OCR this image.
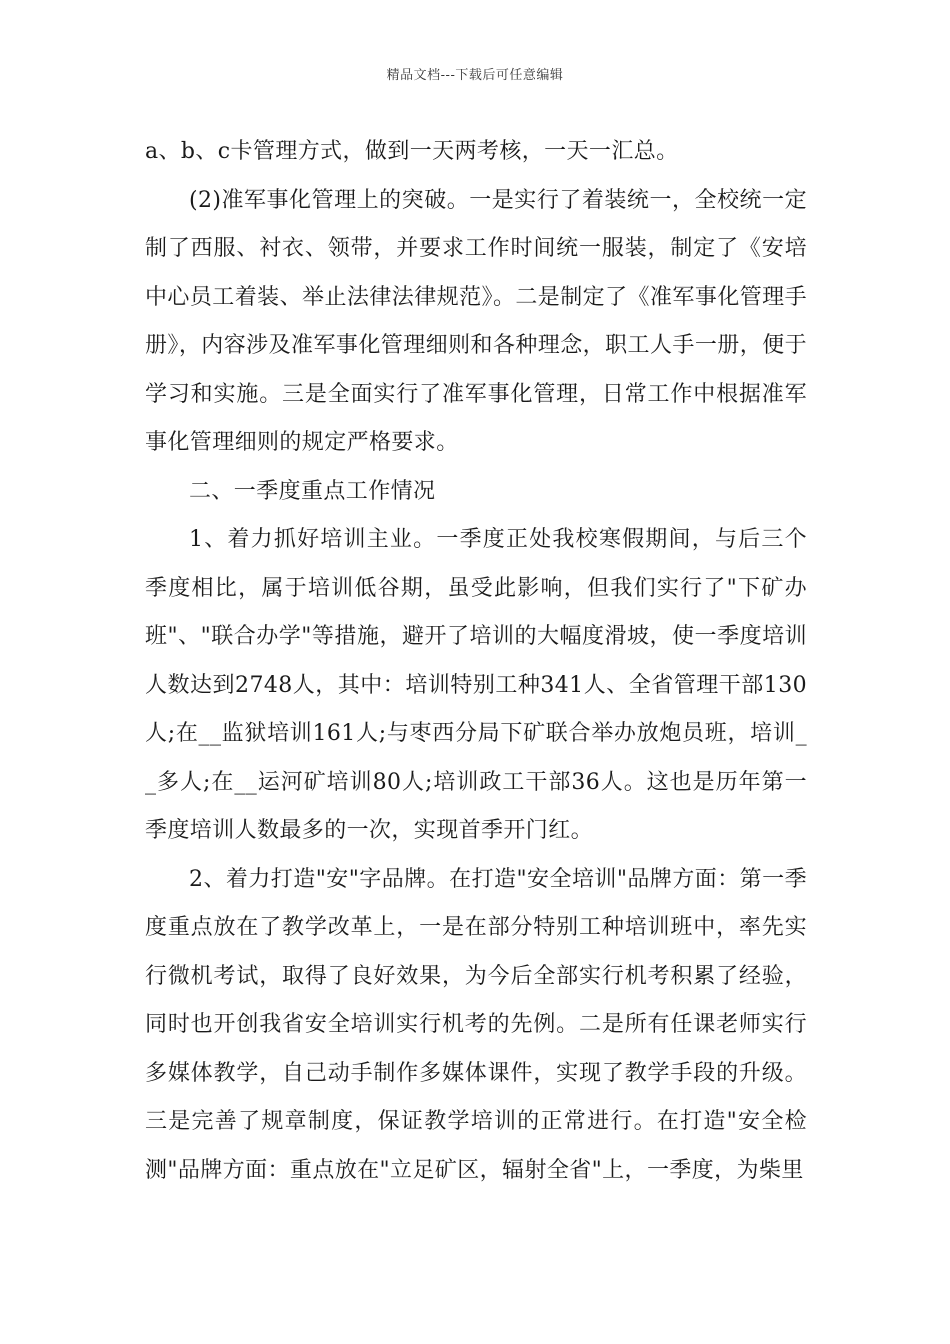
精品文档---下载后可任意编辑

a、b、c卡管理方式，做到一天两考核，一天一汇总。

(2)准军事化管理上的突破。一是实行了着装统一，全校统一定制了西服、衬衣、领带，并要求工作时间统一服装，制定了《安培中心员工着装、举止法律法律规范》。二是制定了《准军事化管理手册》，内容涉及准军事化管理细则和各种理念，职工人手一册，便于学习和实施。三是全面实行了准军事化管理，日常工作中根据准军事化管理细则的规定严格要求。

二、一季度重点工作情况

1、着力抓好培训主业。一季度正处我校寒假期间，与后三个季度相比，属于培训低谷期，虽受此影响，但我们实行了"下矿办班"、"联合办学"等措施，避开了培训的大幅度滑坡，使一季度培训人数达到2748人，其中：培训特别工种341人、全省管理干部130人;在__监狱培训161人;与枣西分局下矿联合举办放炮员班，培训__多人;在__运河矿培训80人;培训政工干部36人。这也是历年第一季度培训人数最多的一次，实现首季开门红。

2、着力打造"安"字品牌。在打造"安全培训"品牌方面：第一季度重点放在了教学改革上，一是在部分特别工种培训班中，率先实行微机考试，取得了良好效果，为今后全部实行机考积累了经验，同时也开创我省安全培训实行机考的先例。二是所有任课老师实行多媒体教学，自己动手制作多媒体课件，实现了教学手段的升级。三是完善了规章制度，保证教学培训的正常进行。在打造"安全检测"品牌方面：重点放在"立足矿区，辐射全省"上，一季度，为柴里
